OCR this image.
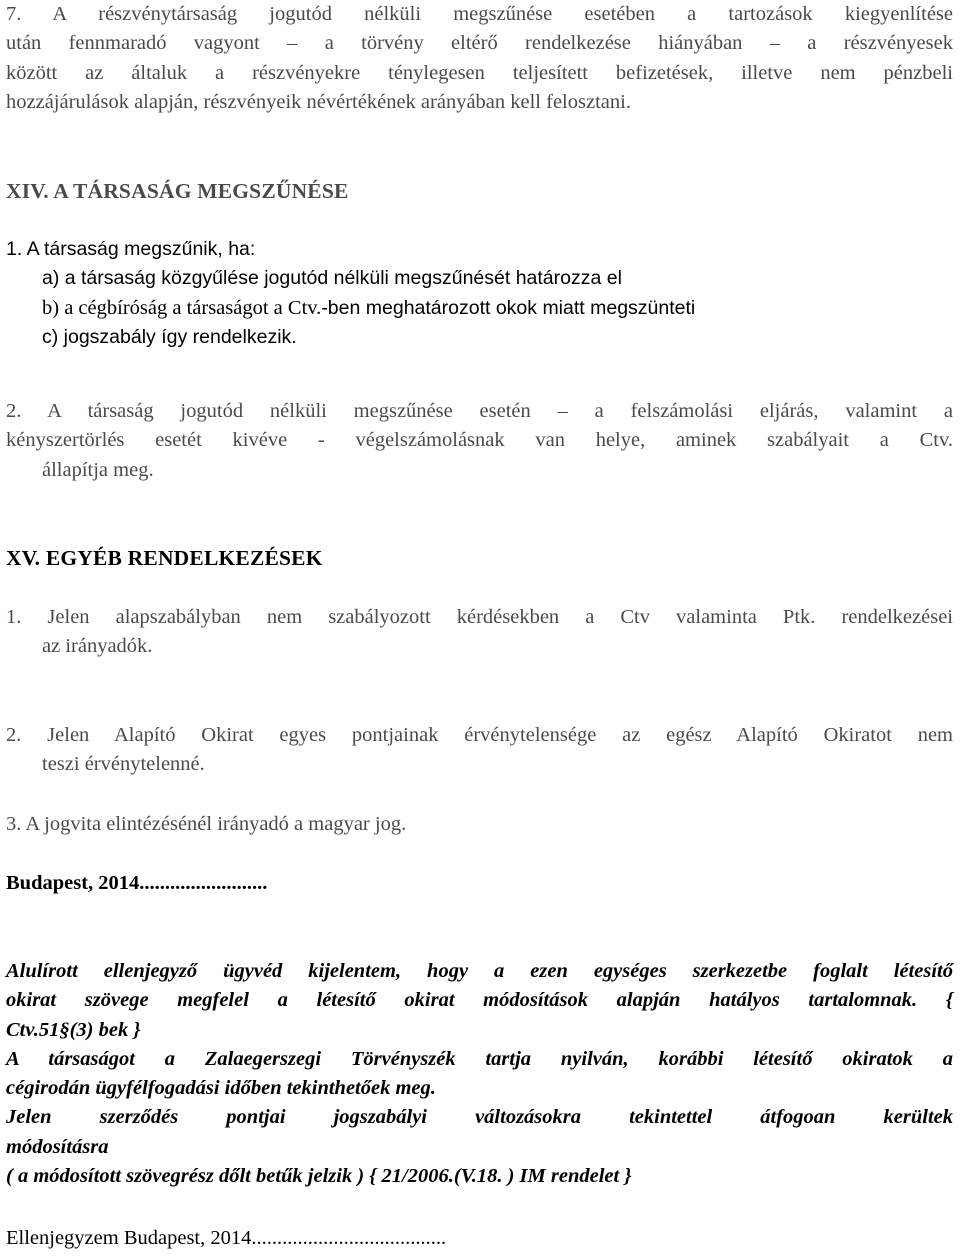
7. A részvénytársaság jogutód nélküli megszűnése esetében a tartozások kiegyenlítése
után fennmaradó vagyont – a törvény eltérő rendelkezése hiányában – a részvényesek
között az általuk a részvényekre ténylegesen teljesített befizetések, illetve nem pénzbeli
hozzájárulások alapján, részvényeik névértékének arányában kell felosztani.
XIV. A TÁRSASÁG MEGSZŰNÉSE
1. A társaság megszűnik, ha:
a) a társaság közgyűlése jogutód nélküli megszűnését határozza el
b) a cégbíróság a társaságot a Ctv.-ben meghatározott okok miatt megszünteti
c) jogszabály így rendelkezik.
2. A társaság jogutód nélküli megszűnése esetén – a felszámolási eljárás, valamint a
kényszertörlés esetét kivéve - végelszámolásnak van helye, aminek szabályait a Ctv.
állapítja meg.
XV. EGYÉB RENDELKEZÉSEK
1. Jelen alapszabályban nem szabályozott kérdésekben a Ctv valaminta Ptk. rendelkezései
az irányadók.
2. Jelen Alapító Okirat egyes pontjainak érvénytelensége az egész Alapító Okiratot nem
teszi érvénytelenné.
3. A jogvita elintézésénél irányadó a magyar jog.
Budapest, 2014.........................
Alulírott ellenjegyző ügyvéd kijelentem, hogy a ezen egységes szerkezetbe foglalt létesítő
okirat szövege megfelel a létesítő okirat módosítások alapján hatályos tartalomnak. {
Ctv.51§(3) bek }
A társaságot a Zalaegerszegi Törvényszék tartja nyilván, korábbi létesítő okiratok a
cégirodán ügyfélfogadási időben tekinthetőek meg.
Jelen szerződés pontjai jogszabályi változásokra tekintettel átfogoan kerültek
módosításra
( a módosított szövegrész dőlt betűk jelzik ) { 21/2006.(V.18. ) IM rendelet }
Ellenjegyzem Budapest, 2014......................................
